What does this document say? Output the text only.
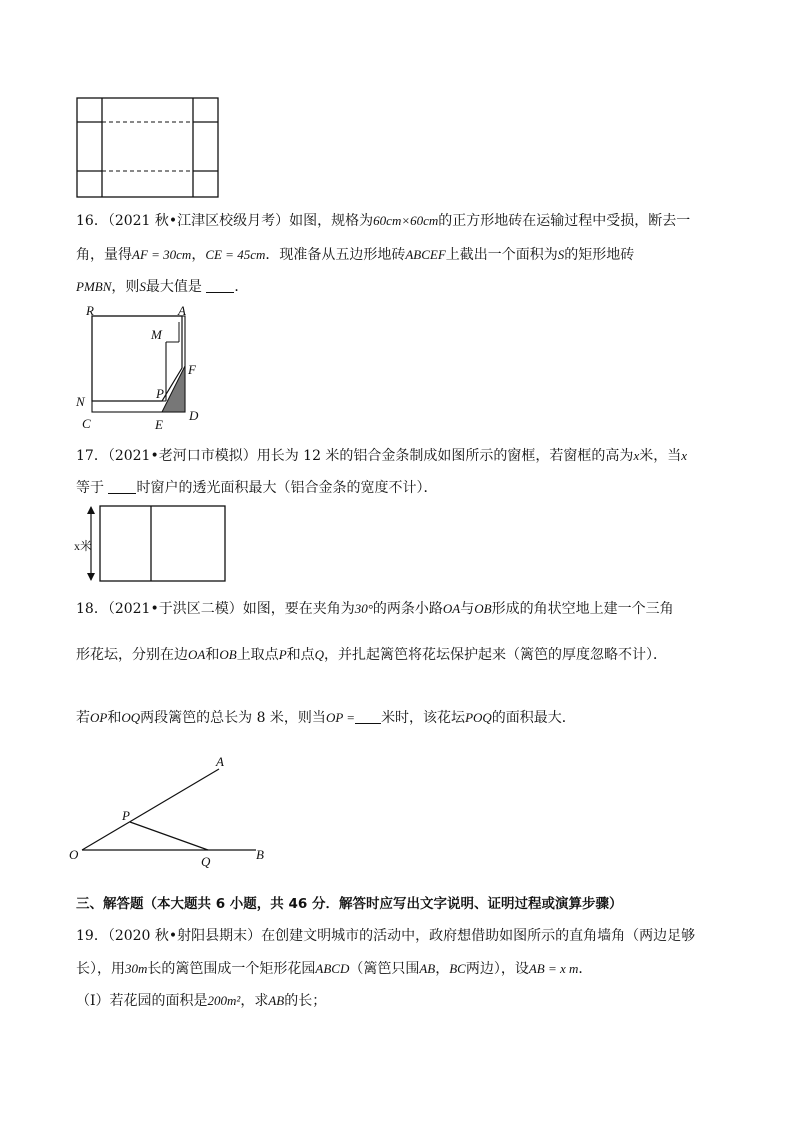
16．（2021 秋•江津区校级月考）如图，规格为60cm×60cm的正方形地砖在运输过程中受损，断去一
角，量得AF = 30cm，CE = 45cm．现准备从五边形地砖ABCEF上截出一个面积为S的矩形地砖
PMBN，则S最大值是 ．
R	A
M
F
P
N
C	E
D
17．（2021•老河口市模拟）用长为 12 米的铝合金条制成如图所示的窗框，若窗框的高为x米，当x
等于 时窗户的透光面积最大（铝合金条的宽度不计）．
x米
18．（2021•于洪区二模）如图，要在夹角为30°的两条小路OA与OB形成的角状空地上建一个三角
形花坛，分别在边OA和OB上取点P和点Q，并扎起篱笆将花坛保护起来（篱笆的厚度忽略不计）．
若OP和OQ两段篱笆的总长为 8 米，则当OP = 米时，该花坛POQ的面积最大．
A
P
O	Q	B
三、解答题（本大题共 6 小题，共 46 分．解答时应写出文字说明、证明过程或演算步骤）
19．（2020 秋•射阳县期末）在创建文明城市的活动中，政府想借助如图所示的直角墙角（两边足够
长），用30m长的篱笆围成一个矩形花园ABCD（篱笆只围AB，BC两边），设AB = x m．
（Ⅰ）若花园的面积是200m²，求AB的长；
